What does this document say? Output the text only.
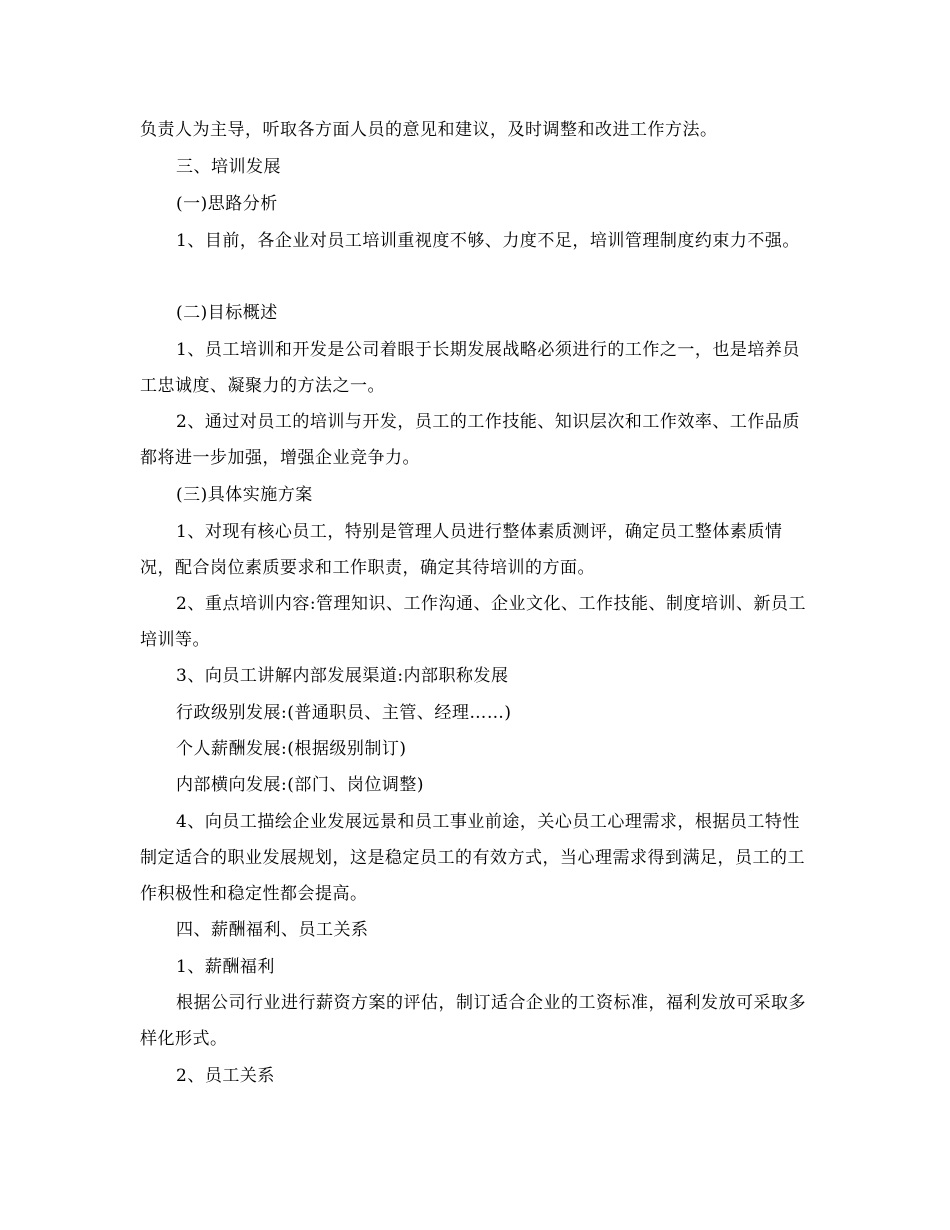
负责人为主导，听取各方面人员的意见和建议，及时调整和改进工作方法。

三、培训发展

(一)思路分析

1、目前，各企业对员工培训重视度不够、力度不足，培训管理制度约束力不强。

(二)目标概述

1、员工培训和开发是公司着眼于长期发展战略必须进行的工作之一，也是培养员工忠诚度、凝聚力的方法之一。

2、通过对员工的培训与开发，员工的工作技能、知识层次和工作效率、工作品质都将进一步加强，增强企业竞争力。

(三)具体实施方案

1、对现有核心员工，特别是管理人员进行整体素质测评，确定员工整体素质情况，配合岗位素质要求和工作职责，确定其待培训的方面。

2、重点培训内容:管理知识、工作沟通、企业文化、工作技能、制度培训、新员工培训等。

3、向员工讲解内部发展渠道:内部职称发展

行政级别发展:(普通职员、主管、经理……)

个人薪酬发展:(根据级别制订)

内部横向发展:(部门、岗位调整)

4、向员工描绘企业发展远景和员工事业前途，关心员工心理需求，根据员工特性制定适合的职业发展规划，这是稳定员工的有效方式，当心理需求得到满足，员工的工作积极性和稳定性都会提高。

四、薪酬福利、员工关系

1、薪酬福利

根据公司行业进行薪资方案的评估，制订适合企业的工资标准，福利发放可采取多样化形式。

2、员工关系
